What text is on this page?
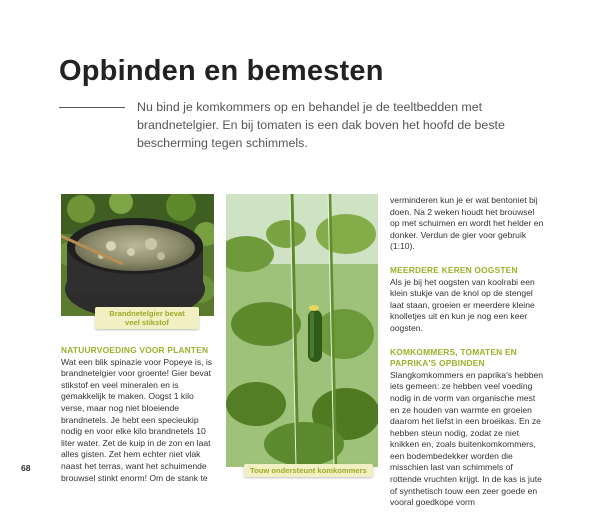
Opbinden en bemesten
Nu bind je komkommers op en behandel je de teeltbedden met brandnetelgier. En bij tomaten is een dak boven het hoofd de beste bescherming tegen schimmels.
Brandnetelgier bevat veel stikstof
Touw ondersteunt komkommers

NATUURVOEDING VOOR PLANTEN

Wat een blik spinazie voor Popeye is, is brandnetelgier voor groente! Gier bevat stikstof en veel mineralen en is gemakkelijk te maken. Oogst 1 kilo verse, maar nog niet bloeiende brandnetels. Je hebt een specieukip nodig en voor elke kilo brandnetels 10 liter water. Zet de kuip in de zon en laat alles gisten. Zet hem echter niet vlak naast het terras, want het schuimende brouwsel stinkt enorm! Om de stank te

verminderen kun je er wat bentoniet bij doen. Na 2 weken houdt het brouwsel op met schuimen en wordt het helder en donker. Verdun de gier voor gebruik (1:10).

MEERDERE KEREN OOGSTEN

Als je bij het oogsten van koolrabi een klein stukje van de knol op de stengel laat staan, groeien er meerdere kleine knolletjes uit en kun je nog een keer oogsten.

KOMKOMMERS, TOMATEN EN PAPRIKA'S OPBINDEN

Slangkomkommers en paprika's hebben iets gemeen: ze hebben veel voeding nodig in de vorm van organische mest en ze houden van warmte en groeien daarom het liefst in een broeikas. En ze hebben steun nodig, zodat ze niet knikken en, zoals buitenkomkommers, een bodembedekker worden die misschien last van schimmels of rottende vruchten krijgt. In de kas is jute of synthetisch touw een zeer goede en vooral goedkope vorm

68
